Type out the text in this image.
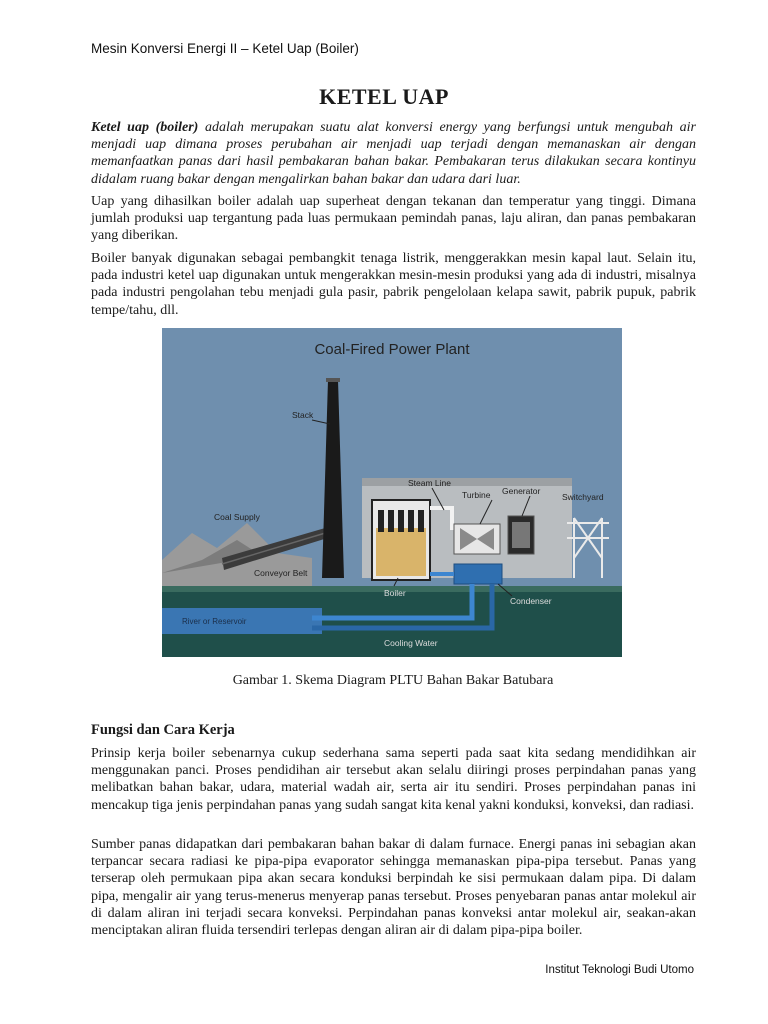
Mesin Konversi Energi II – Ketel Uap (Boiler)
KETEL UAP

Ketel uap (boiler) adalah merupakan suatu alat konversi energy yang berfungsi untuk mengubah air menjadi uap dimana proses perubahan air menjadi uap terjadi dengan memanaskan air dengan memanfaatkan panas dari hasil pembakaran bahan bakar. Pembakaran terus dilakukan secara kontinyu didalam ruang bakar dengan mengalirkan bahan bakar dan udara dari luar.

Uap yang dihasilkan boiler adalah uap superheat dengan tekanan dan temperatur yang tinggi. Dimana jumlah produksi uap tergantung pada luas permukaan pemindah panas, laju aliran, dan panas pembakaran yang diberikan.

Boiler banyak digunakan sebagai pembangkit tenaga listrik, menggerakkan mesin kapal laut. Selain itu, pada industri ketel uap digunakan untuk mengerakkan mesin-mesin produksi yang ada di industri, misalnya pada industri pengolahan tebu menjadi gula pasir, pabrik pengelolaan kelapa sawit, pabrik pupuk, pabrik tempe/tahu, dll.

Coal-Fired Power Plant
Stack
Steam Line
Turbine Generator
Switchyard
Coal Supply
Conveyor Belt
Boiler
Condenser
River or Reservoir
Cooling Water
Gambar 1. Skema Diagram PLTU Bahan Bakar Batubara
Fungsi dan Cara Kerja

Prinsip kerja boiler sebenarnya cukup sederhana sama seperti pada saat kita sedang mendidihkan air menggunakan panci. Proses pendidihan air tersebut akan selalu diiringi proses perpindahan panas yang melibatkan bahan bakar, udara, material wadah air, serta air itu sendiri. Proses perpindahan panas ini mencakup tiga jenis perpindahan panas yang sudah sangat kita kenal yakni konduksi, konveksi, dan radiasi.

Sumber panas didapatkan dari pembakaran bahan bakar di dalam furnace. Energi panas ini sebagian akan terpancar secara radiasi ke pipa-pipa evaporator sehingga memanaskan pipa-pipa tersebut. Panas yang terserap oleh permukaan pipa akan secara konduksi berpindah ke sisi permukaan dalam pipa. Di dalam pipa, mengalir air yang terus-menerus menyerap panas tersebut. Proses penyebaran panas antar molekul air di dalam aliran ini terjadi secara konveksi. Perpindahan panas konveksi antar molekul air, seakan-akan menciptakan aliran fluida tersendiri terlepas dengan aliran air di dalam pipa-pipa boiler.

Institut Teknologi Budi Utomo
